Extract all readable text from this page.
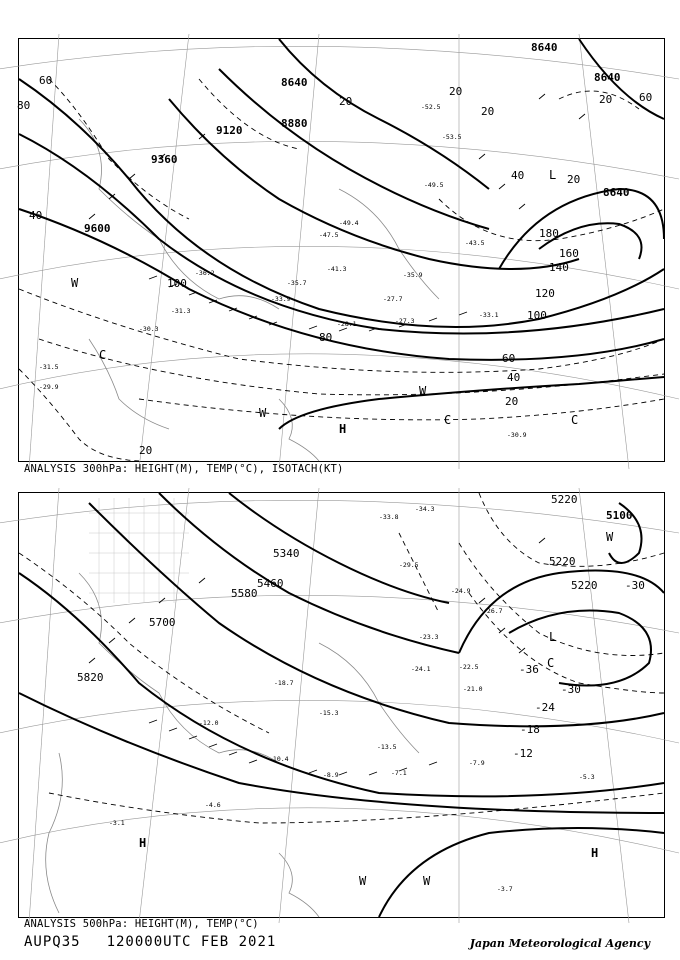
9600
9120
8880
8640
8640
8640
8640
9360
100
80
60
40
20
100
120
140
160
180
20
40
60
80	20
20	60
20
40	20
20
H
C	C
C
W
W
W
L
-53.5
-52.5
-49.5
-49.4
-47.5
-43.5
-41.3
-36.2	-35.9
-33.9
-33.1
-31.3
-30.9
-28.1
-27.7
-27.3
-35.7
-29.9
-30.3
-31.5
ANALYSIS 300hPa: HEIGHT(M), TEMP(°C), ISOTACH(KT)
5820
5700
5580
5460
5340
5220
5100
5220
5220
-36
-30
-24
-18
-12
-30
H
H
C
L
W
W
W
-34.3
-33.8
-29.5
-26.7
-24.9
-24.1
-23.3
-22.5
-21.0
-18.7
-15.3
-13.5
-12.0
-10.4
-8.9
-7.9
-7.1	-5.3
-4.6
-3.7
-3.1
ANALYSIS 500hPa: HEIGHT(M), TEMP(°C)
AUPQ35 120000UTC FEB 2021	Japan Meteorological Agency
